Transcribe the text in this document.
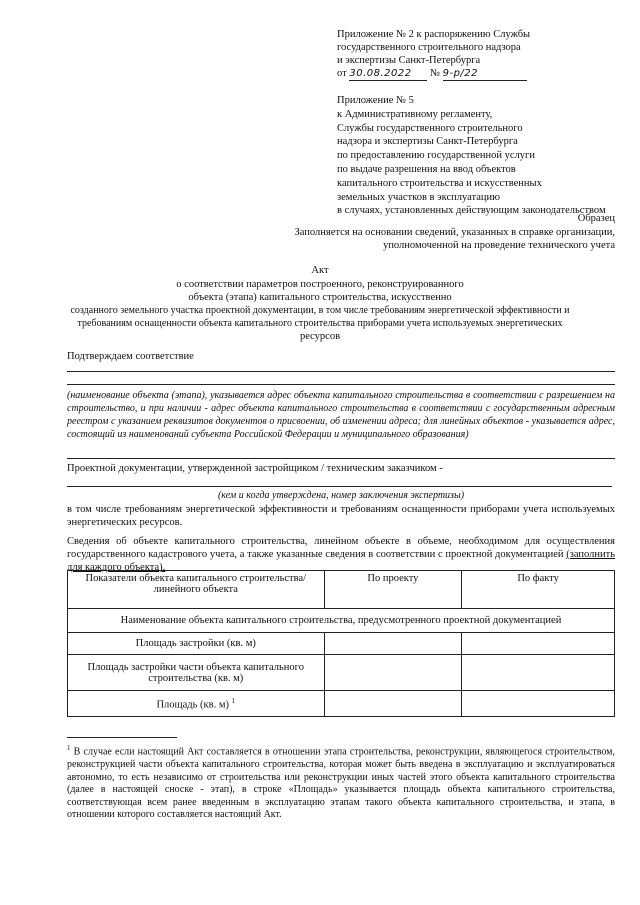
Приложение № 2 к распоряжению Службы
государственного строительного надзора
и экспертизы Санкт-Петербурга
от 30.08.2022 № 9-р/22
Приложение № 5
к Административному регламенту,
Службы государственного строительного
надзора и экспертизы Санкт-Петербурга
по предоставлению государственной услуги
по выдаче разрешения на ввод объектов
капитального строительства и искусственных
земельных участков в эксплуатацию
в случаях, установленных действующим законодательством
Образец
Заполняется на основании сведений, указанных в справке организации,
уполномоченной на проведение технического учета
Акт
о соответствии параметров построенного, реконструированного
объекта (этапа) капитального строительства, искусственно
созданного земельного участка проектной документации, в том числе требованиям энергетической эффективности и
требованиям оснащенности объекта капитального строительства приборами учета используемых энергетических
ресурсов
Подтверждаем соответствие
(наименование объекта (этапа), указывается адрес объекта капитального строительства в соответствии с разрешением на строительство, и при наличии - адрес объекта капитального строительства в соответствии с государственным адресным реестром с указанием реквизитов документов о присвоении, об изменении адреса; для линейных объектов - указывается адрес, состоящий из наименований субъекта Российской Федерации и муниципального образования)
Проектной документации, утвержденной застройщиком / техническим заказчиком -
(кем и когда утверждена, номер заключения экспертизы)
в том числе требованиям энергетической эффективности и требованиям оснащенности приборами учета используемых энергетических ресурсов.
Сведения об объекте капитального строительства, линейном объекте в объеме, необходимом для осуществления государственного кадастрового учета, а также указанные сведения в соответствии с проектной документацией (заполнить для каждого объекта).
Показатели объекта капитального строительства/линейного объекта	По проекту	По факту
Наименование объекта капитального строительства, предусмотренного проектной документацией		
Площадь застройки (кв. м)		
Площадь застройки части объекта капитального строительства (кв. м)		
Площадь (кв. м) $^1$		
$^1$ В случае если настоящий Акт составляется в отношении этапа строительства, реконструкции, являющегося строительством, реконструкцией части объекта капитального строительства, которая может быть введена в эксплуатацию и эксплуатироваться автономно, то есть независимо от строительства или реконструкции иных частей этого объекта капитального строительства (далее в настоящей сноске - этап), в строке «Площадь» указывается площадь объекта капитального строительства, соответствующая всем ранее введенным в эксплуатацию этапам такого объекта капитального строительства, и этапа, в отношении которого составляется настоящий Акт.
